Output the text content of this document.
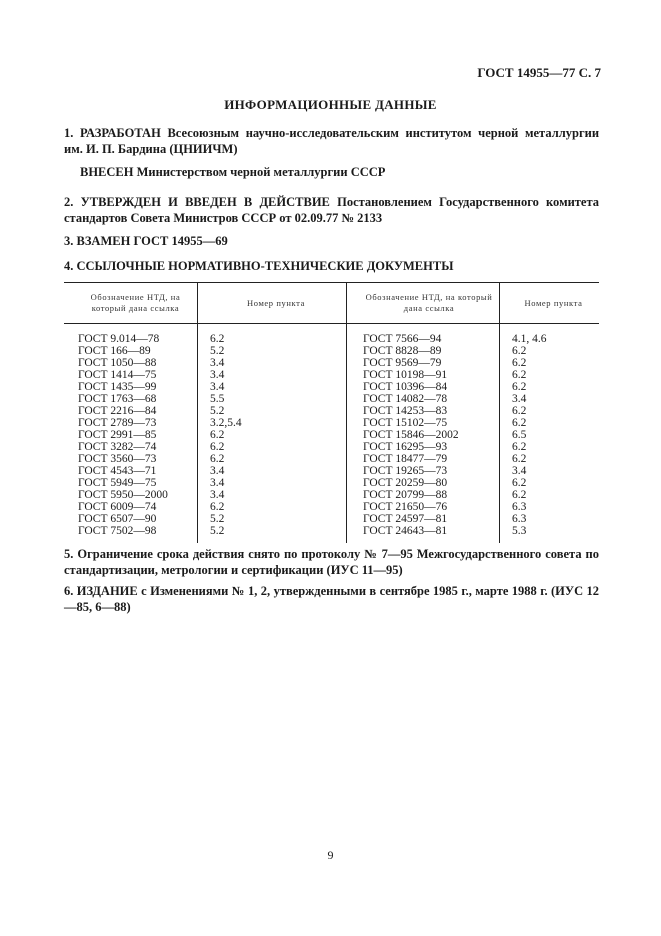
ГОСТ 14955—77 С. 7
ИНФОРМАЦИОННЫЕ ДАННЫЕ
1. РАЗРАБОТАН Всесоюзным научно-исследовательским институтом черной металлургии им. И. П. Бардина (ЦНИИЧМ)
ВНЕСЕН Министерством черной металлургии СССР
2. УТВЕРЖДЕН И ВВЕДЕН В ДЕЙСТВИЕ Постановлением Государственного комитета стандартов Совета Министров СССР от 02.09.77 № 2133
3. ВЗАМЕН ГОСТ 14955—69
4. ССЫЛОЧНЫЕ НОРМАТИВНО-ТЕХНИЧЕСКИЕ ДОКУМЕНТЫ
Обозначение НТД, на который дана ссылка	Номер пункта	Обозначение НТД, на который дана ссылка	Номер пункта
ГОСТ 9.014—78	6.2	ГОСТ 7566—94	4.1, 4.6
ГОСТ 166—89	5.2	ГОСТ 8828—89	6.2
ГОСТ 1050—88	3.4	ГОСТ 9569—79	6.2
ГОСТ 1414—75	3.4	ГОСТ 10198—91	6.2
ГОСТ 1435—99	3.4	ГОСТ 10396—84	6.2
ГОСТ 1763—68	5.5	ГОСТ 14082—78	3.4
ГОСТ 2216—84	5.2	ГОСТ 14253—83	6.2
ГОСТ 2789—73	3.2,5.4	ГОСТ 15102—75	6.2
ГОСТ 2991—85	6.2	ГОСТ 15846—2002	6.5
ГОСТ 3282—74	6.2	ГОСТ 16295—93	6.2
ГОСТ 3560—73	6.2	ГОСТ 18477—79	6.2
ГОСТ 4543—71	3.4	ГОСТ 19265—73	3.4
ГОСТ 5949—75	3.4	ГОСТ 20259—80	6.2
ГОСТ 5950—2000	3.4	ГОСТ 20799—88	6.2
ГОСТ 6009—74	6.2	ГОСТ 21650—76	6.3
ГОСТ 6507—90	5.2	ГОСТ 24597—81	6.3
ГОСТ 7502—98	5.2	ГОСТ 24643—81	5.3
5. Ограничение срока действия снято по протоколу № 7—95 Межгосударственного совета по стандартизации, метрологии и сертификации (ИУС 11—95)
6. ИЗДАНИЕ с Изменениями № 1, 2, утвержденными в сентябре 1985 г., марте 1988 г. (ИУС 12—85, 6—88)
9
